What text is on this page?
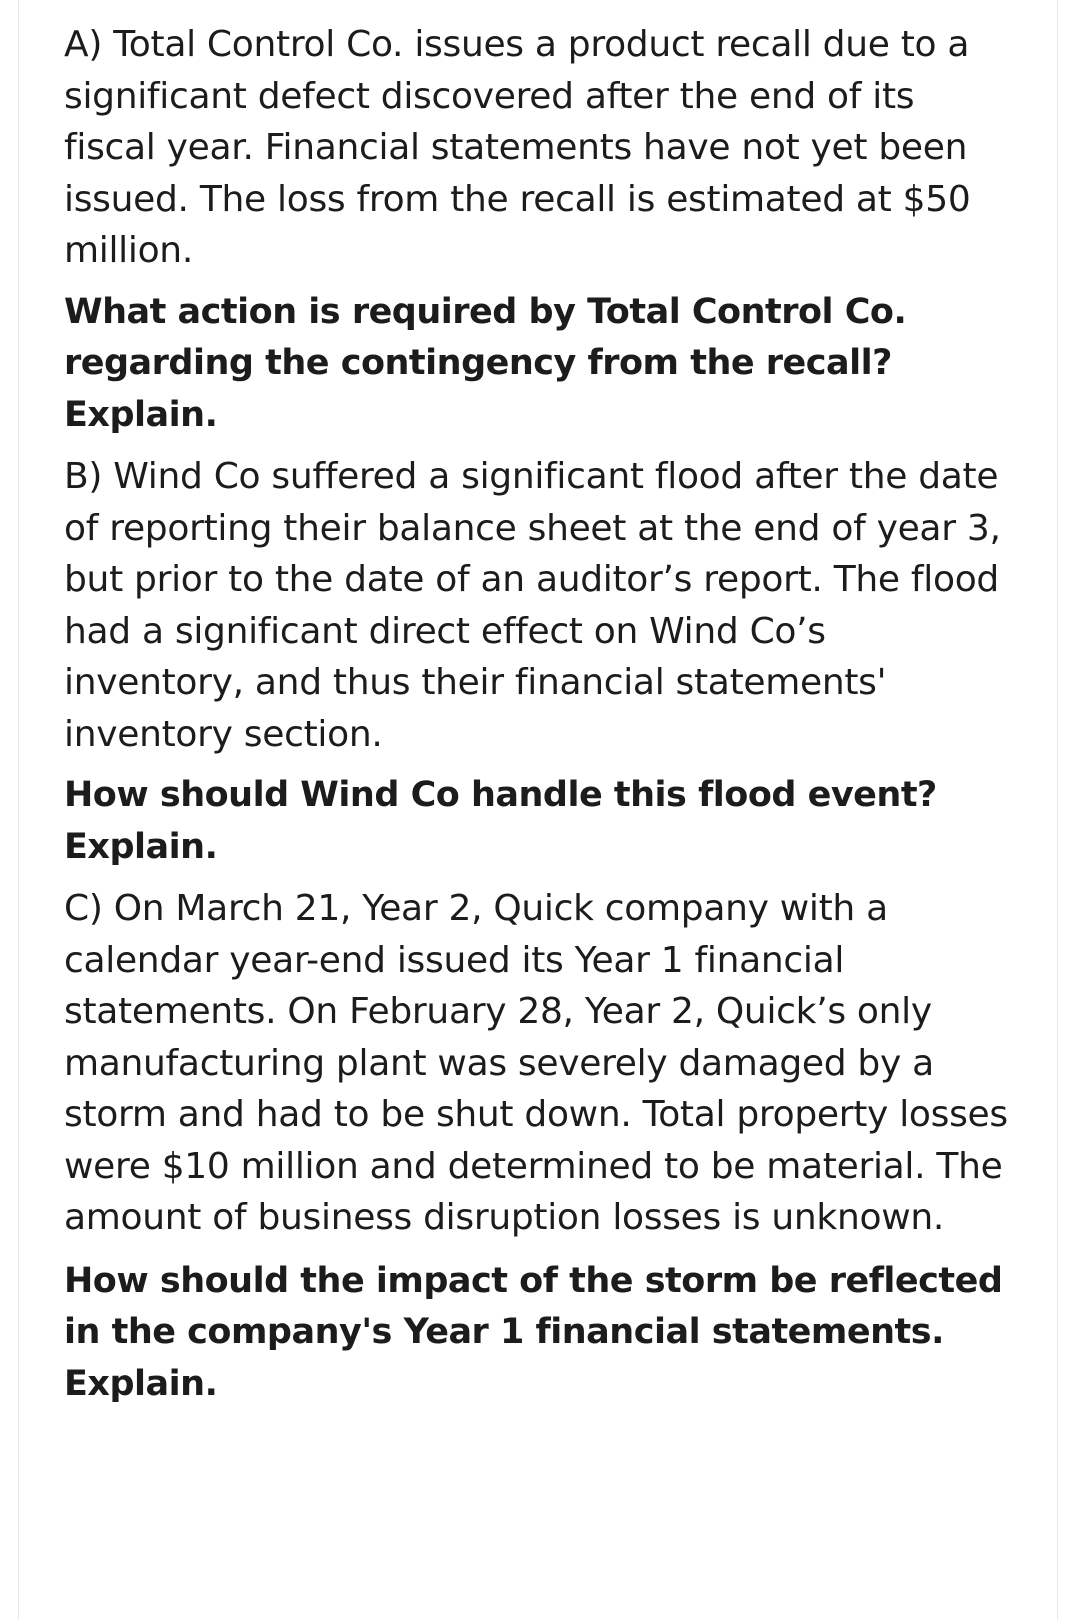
A) Total Control Co. issues a product recall due to a significant defect discovered after the end of its fiscal year. Financial statements have not yet been issued. The loss from the recall is estimated at $50 million.

What action is required by Total Control Co. regarding the contingency from the recall? Explain.

B) Wind Co suffered a significant flood after the date of reporting their balance sheet at the end of year 3, but prior to the date of an auditor’s report. The flood had a significant direct effect on Wind Co’s inventory, and thus their financial statements' inventory section.

How should Wind Co handle this flood event? Explain.

C) On March 21, Year 2, Quick company with a calendar year-end issued its Year 1 financial statements. On February 28, Year 2, Quick’s only manufacturing plant was severely damaged by a storm and had to be shut down. Total property losses were $10 million and determined to be material. The amount of business disruption losses is unknown.

How should the impact of the storm be reflected in the company's Year 1 financial statements. Explain.
